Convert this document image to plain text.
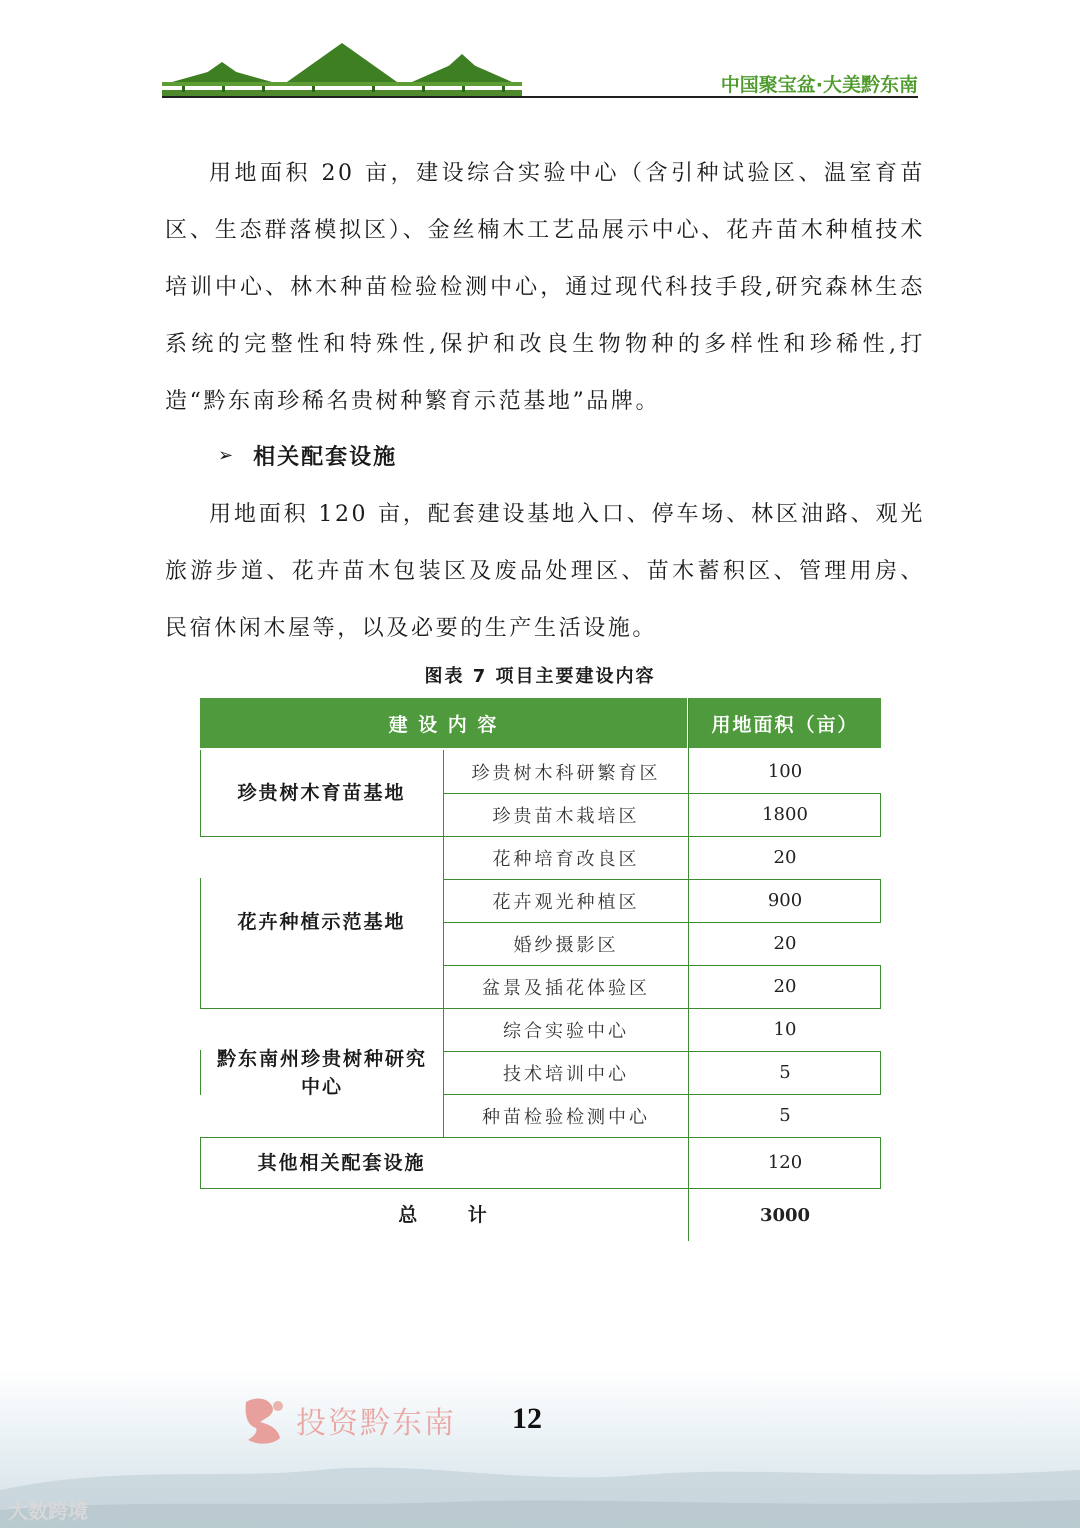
中国聚宝盆·大美黔东南

用地面积 20 亩，建设综合实验中心（含引种试验区、温室育苗区、生态群落模拟区）、金丝楠木工艺品展示中心、花卉苗木种植技术培训中心、林木种苗检验检测中心，通过现代科技手段,研究森林生态系统的完整性和特殊性,保护和改良生物物种的多样性和珍稀性,打造“黔东南珍稀名贵树种繁育示范基地”品牌。

➢ 相关配套设施

用地面积 120 亩，配套建设基地入口、停车场、林区油路、观光旅游步道、花卉苗木包装区及废品处理区、苗木蓄积区、管理用房、民宿休闲木屋等，以及必要的生产生活设施。

图表 7 项目主要建设内容
建 设 内 容	用地面积（亩）
珍贵树木育苗基地
珍贵树木科研繁育区	100
珍贵苗木栽培区	1800
花卉种植示范基地
花种培育改良区	20
花卉观光种植区	900
婚纱摄影区	20
盆景及插花体验区	20
黔东南州珍贵树种研究中心
综合实验中心	10
技术培训中心	5
种苗检验检测中心	5
其他相关配套设施	120
总 计	3000
投资黔东南 12
大数跨境
